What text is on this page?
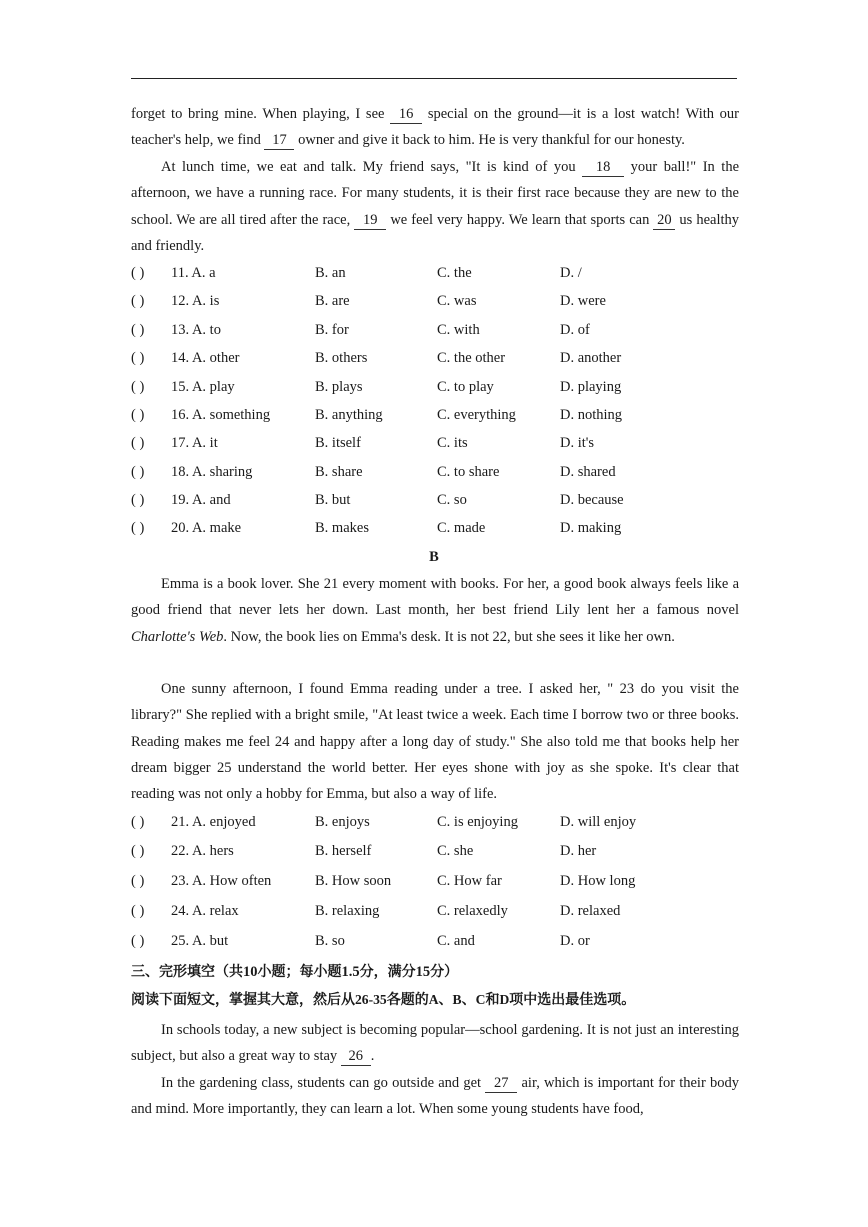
forget to bring mine. When playing, I see 16 special on the ground—it is a lost watch! With our teacher's help, we find 17 owner and give it back to him. He is very thankful for our honesty.

At lunch time, we eat and talk. My friend says, "It is kind of you 18 your ball!" In the afternoon, we have a running race. For many students, it is their first race because they are new to the school. We are all tired after the race, 19 we feel very happy. We learn that sports can 20 us healthy and friendly.

( ) 11. A. a	B. an	C. the	D. /
( ) 12. A. is	B. are	C. was	D. were
( ) 13. A. to	B. for	C. with	D. of
( ) 14. A. other	B. others	C. the other	D. another
( ) 15. A. play	B. plays	C. to play	D. playing
( ) 16. A. something	B. anything	C. everything	D. nothing
( ) 17. A. it	B. itself	C. its	D. it's
( ) 18. A. sharing	B. share	C. to share	D. shared
( ) 19. A. and	B. but	C. so	D. because
( ) 20. A. make	B. makes	C. made	D. making
B

Emma is a book lover. She 21 every moment with books. For her, a good book always feels like a good friend that never lets her down. Last month, her best friend Lily lent her a famous novel Charlotte's Web. Now, the book lies on Emma's desk. It is not 22, but she sees it like her own.

One sunny afternoon, I found Emma reading under a tree. I asked her, " 23 do you visit the library?" She replied with a bright smile, "At least twice a week. Each time I borrow two or three books. Reading makes me feel 24 and happy after a long day of study." She also told me that books help her dream bigger 25 understand the world better. Her eyes shone with joy as she spoke. It's clear that reading was not only a hobby for Emma, but also a way of life.

( ) 21. A. enjoyed	B. enjoys	C. is enjoying	D. will enjoy
( ) 22. A. hers	B. herself	C. she	D. her
( ) 23. A. How often	B. How soon	C. How far	D. How long
( ) 24. A. relax	B. relaxing	C. relaxedly	D. relaxed
( ) 25. A. but	B. so	C. and	D. or
三、完形填空（共10小题；每小题1.5分，满分15分）
阅读下面短文，掌握其大意，然后从26-35各题的A、B、C和D项中选出最佳选项。

In schools today, a new subject is becoming popular—school gardening. It is not just an interesting subject, but also a great way to stay 26 .

In the gardening class, students can go outside and get 27 air, which is important for their body and mind. More importantly, they can learn a lot. When some young students have food,
